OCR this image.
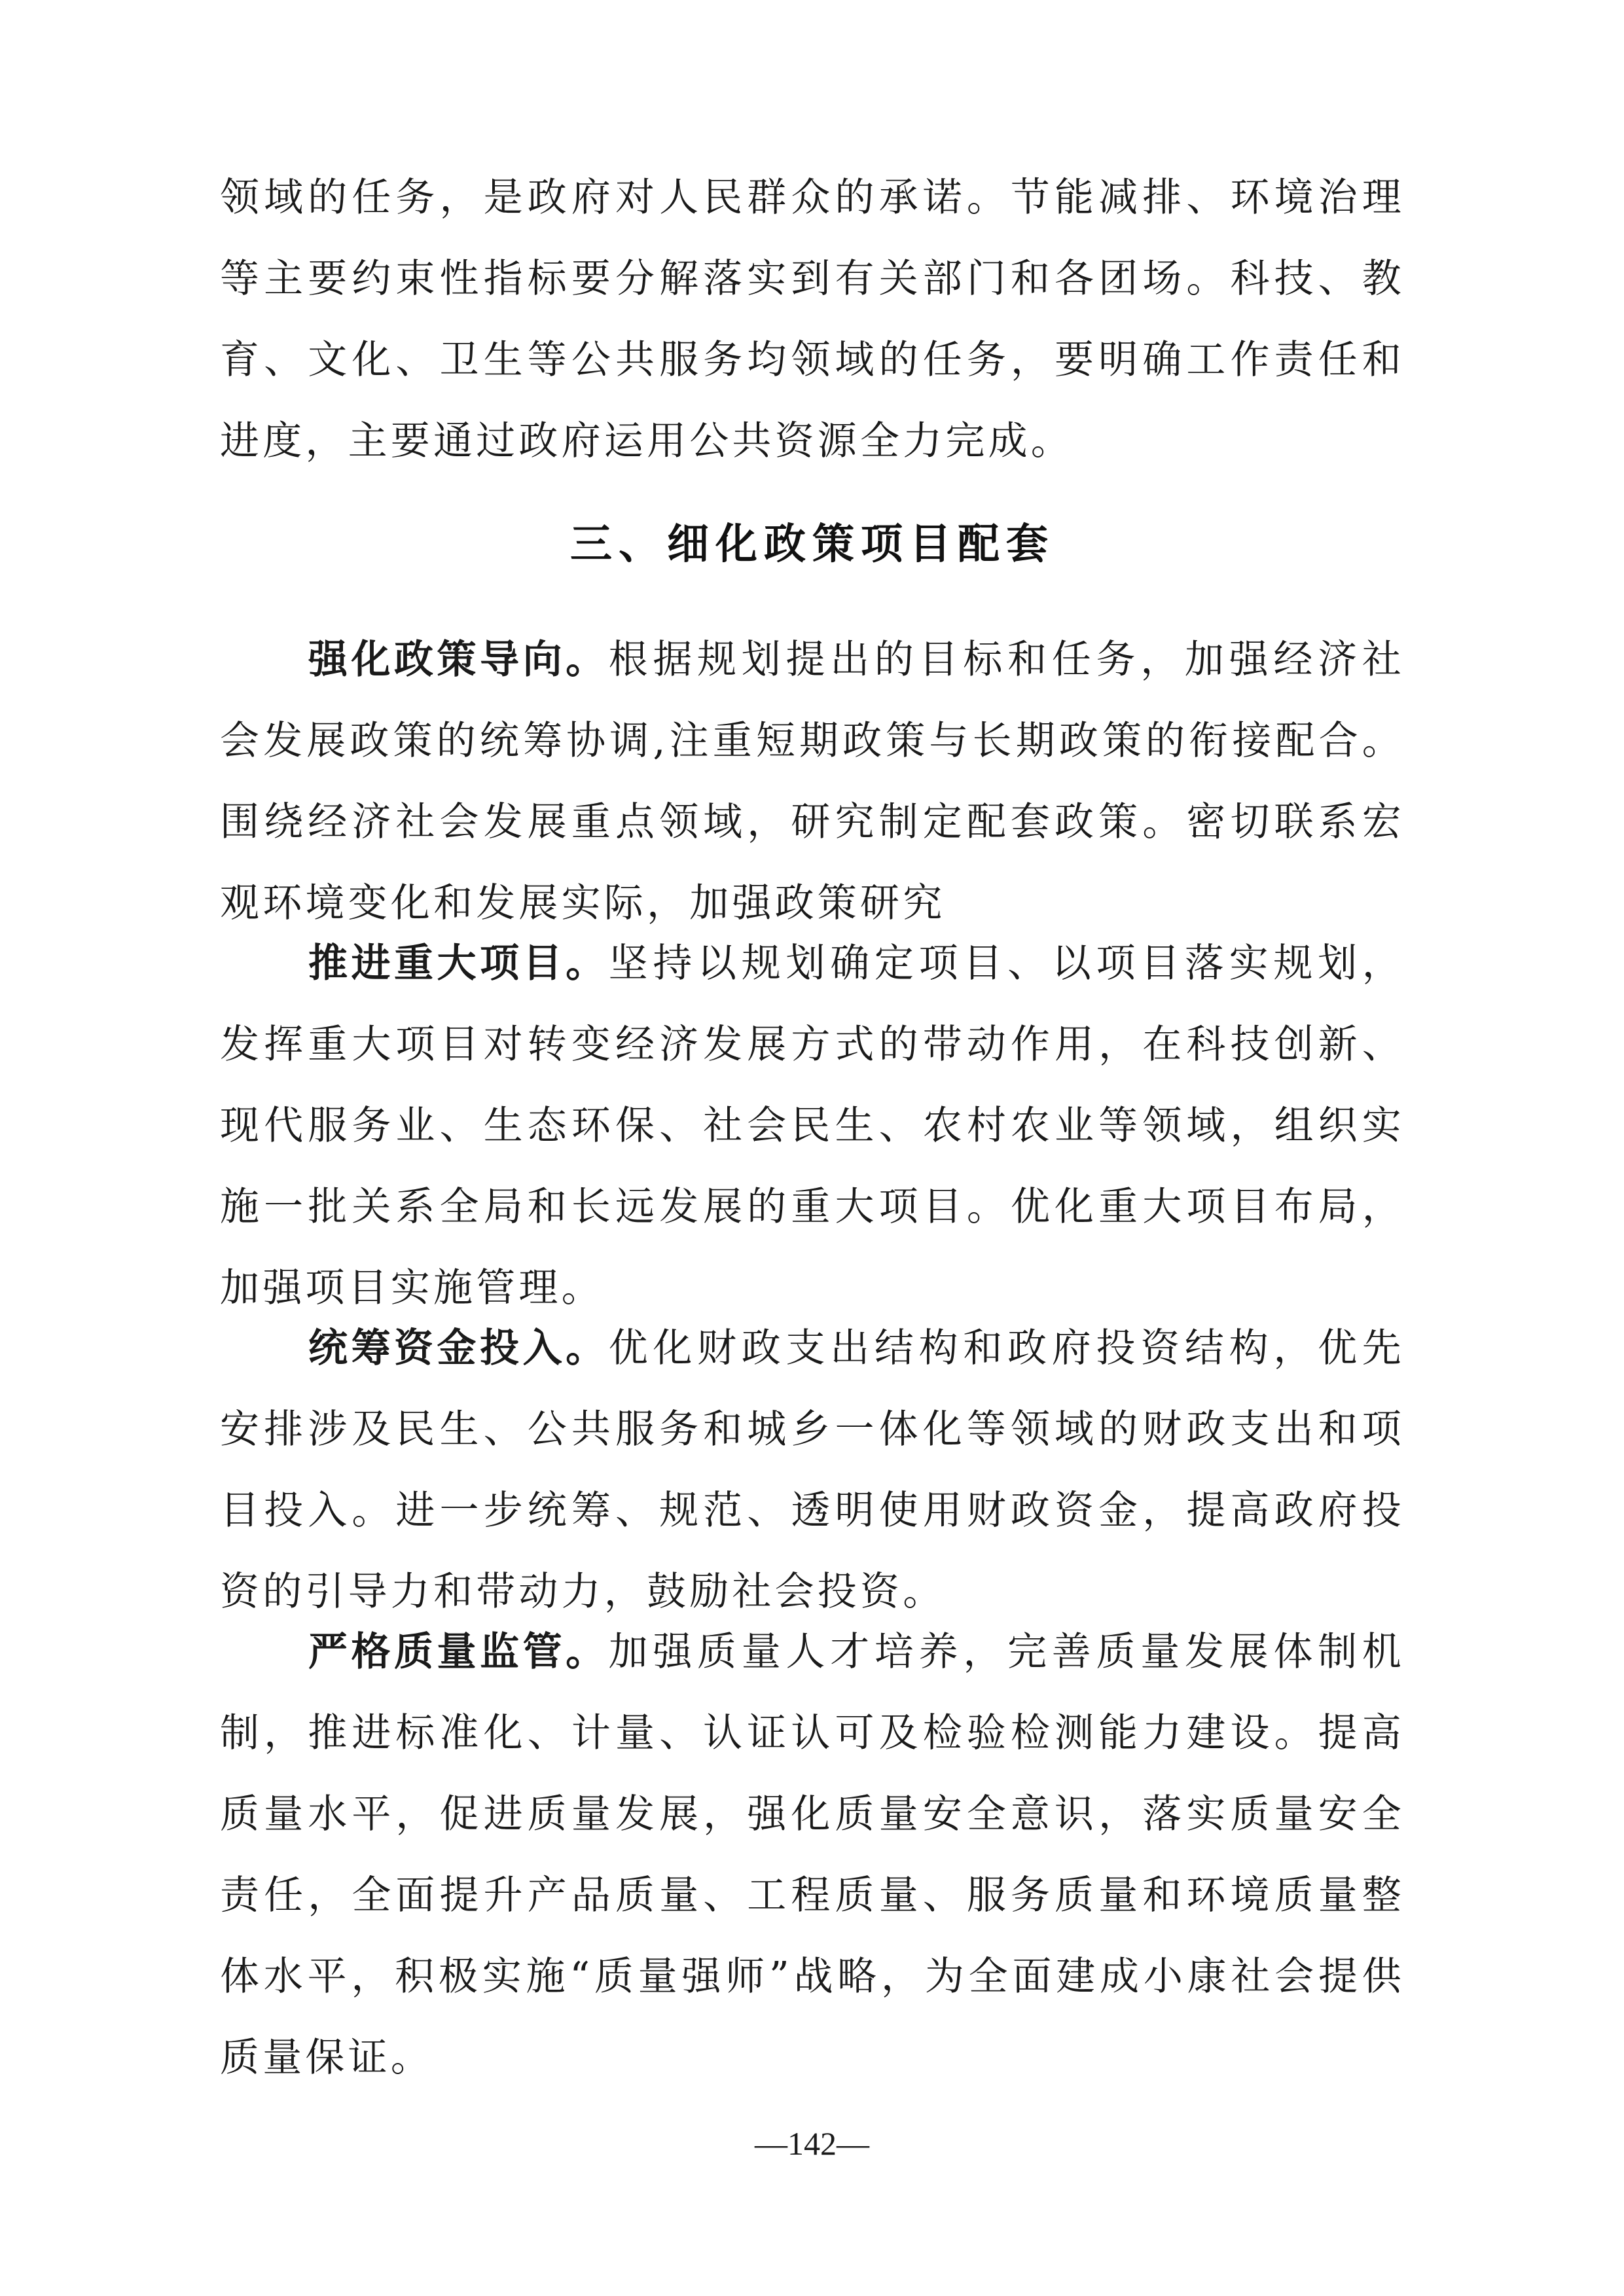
领域的任务，是政府对人民群众的承诺。节能减排、环境治理等主要约束性指标要分解落实到有关部门和各团场。科技、教育、文化、卫生等公共服务均领域的任务，要明确工作责任和进度，主要通过政府运用公共资源全力完成。

三、细化政策项目配套

强化政策导向。根据规划提出的目标和任务，加强经济社会发展政策的统筹协调,注重短期政策与长期政策的衔接配合。围绕经济社会发展重点领域，研究制定配套政策。密切联系宏观环境变化和发展实际，加强政策研究

推进重大项目。坚持以规划确定项目、以项目落实规划，发挥重大项目对转变经济发展方式的带动作用，在科技创新、现代服务业、生态环保、社会民生、农村农业等领域，组织实施一批关系全局和长远发展的重大项目。优化重大项目布局，加强项目实施管理。

统筹资金投入。优化财政支出结构和政府投资结构，优先安排涉及民生、公共服务和城乡一体化等领域的财政支出和项目投入。进一步统筹、规范、透明使用财政资金，提高政府投资的引导力和带动力，鼓励社会投资。

严格质量监管。加强质量人才培养，完善质量发展体制机制，推进标准化、计量、认证认可及检验检测能力建设。提高质量水平，促进质量发展，强化质量安全意识，落实质量安全责任，全面提升产品质量、工程质量、服务质量和环境质量整体水平，积极实施“质量强师”战略，为全面建成小康社会提供质量保证。

—142—
